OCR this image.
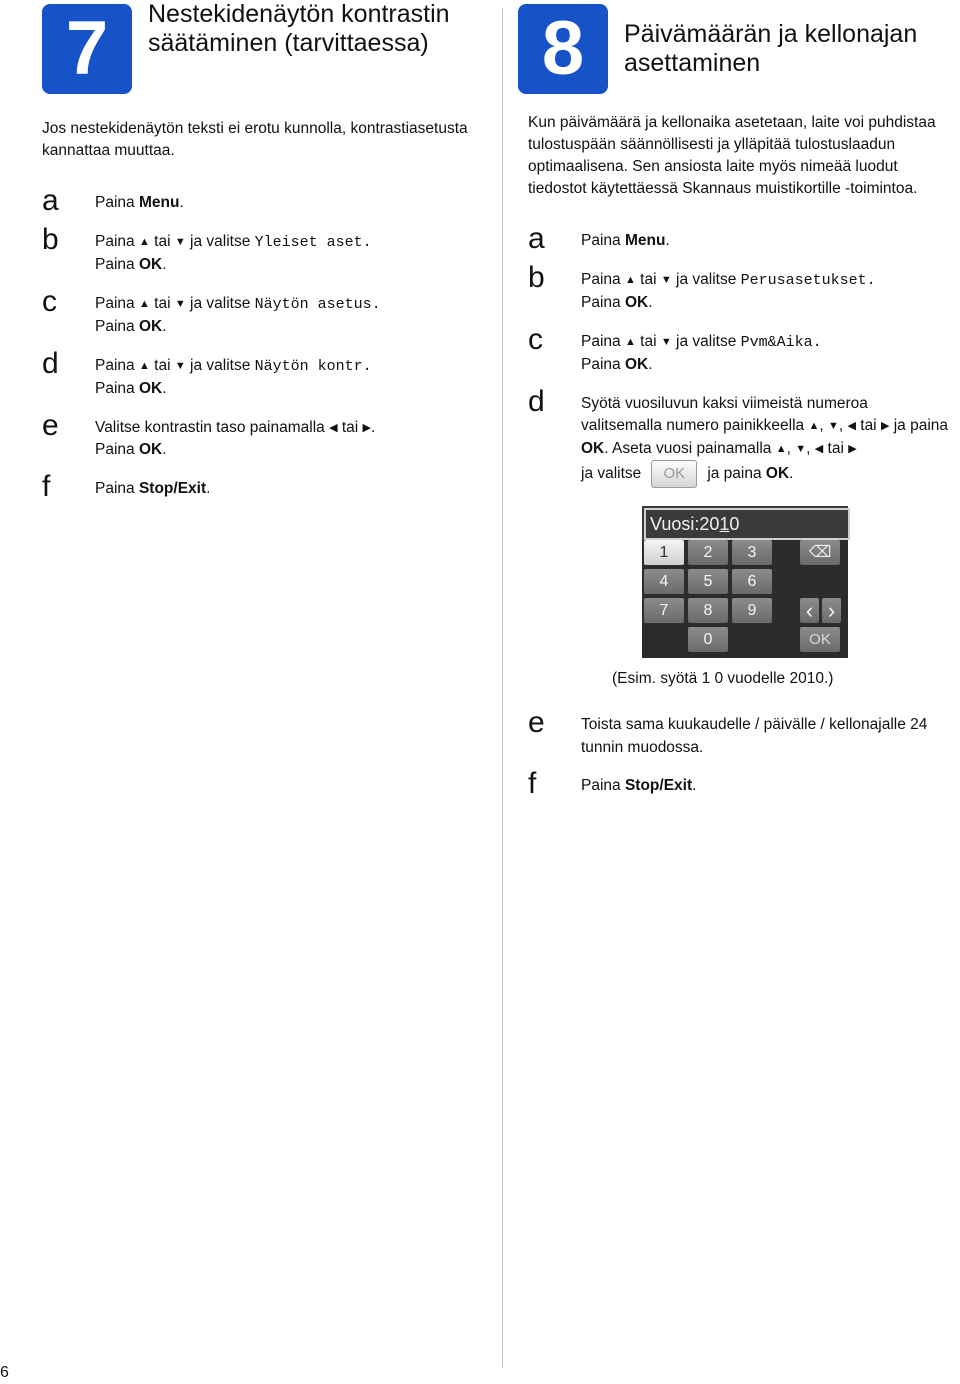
7	Nestekidenäytön kontrastin säätäminen (tarvittaessa)

Jos nestekidenäytön teksti ei erotu kunnolla, kontrastiasetusta kannattaa muuttaa.

a Paina Menu.
b Paina ▲ tai ▼ ja valitse Yleiset aset.
Paina OK.
c Paina ▲ tai ▼ ja valitse Näytön asetus.
Paina OK.
d Paina ▲ tai ▼ ja valitse Näytön kontr.
Paina OK.
e Valitse kontrastin taso painamalla ◀ tai ▶.
Paina OK.
f	Paina Stop/Exit.
8	Päivämäärän ja kellonajan asettaminen

Kun päivämäärä ja kellonaika asetetaan, laite voi puhdistaa tulostuspään säännöllisesti ja ylläpitää tulostuslaadun optimaalisena. Sen ansiosta laite myös nimeää luodut tiedostot käytettäessä Skannaus muistikortille -toimintoa.

a Paina Menu.
b Paina ▲ tai ▼ ja valitse Perusasetukset.
Paina OK.
c Paina ▲ tai ▼ ja valitse Pvm&Aika.
Paina OK.
d Syötä vuosiluvun kaksi viimeistä numeroa valitsemalla numero painikkeella ▲, ▼, ◀ tai ▶ ja paina OK. Aseta vuosi painamalla ▲, ▼, ◀ tai ▶
ja valitse OK ja paina OK.
Vuosi:2010
1	2	3	⌫
4	5	6
7	8	9	‹ ›
0	OK
(Esim. syötä 1 0 vuodelle 2010.)
e Toista sama kuukaudelle / päivälle / kellonajalle 24 tunnin muodossa.
f	Paina Stop/Exit.
6
